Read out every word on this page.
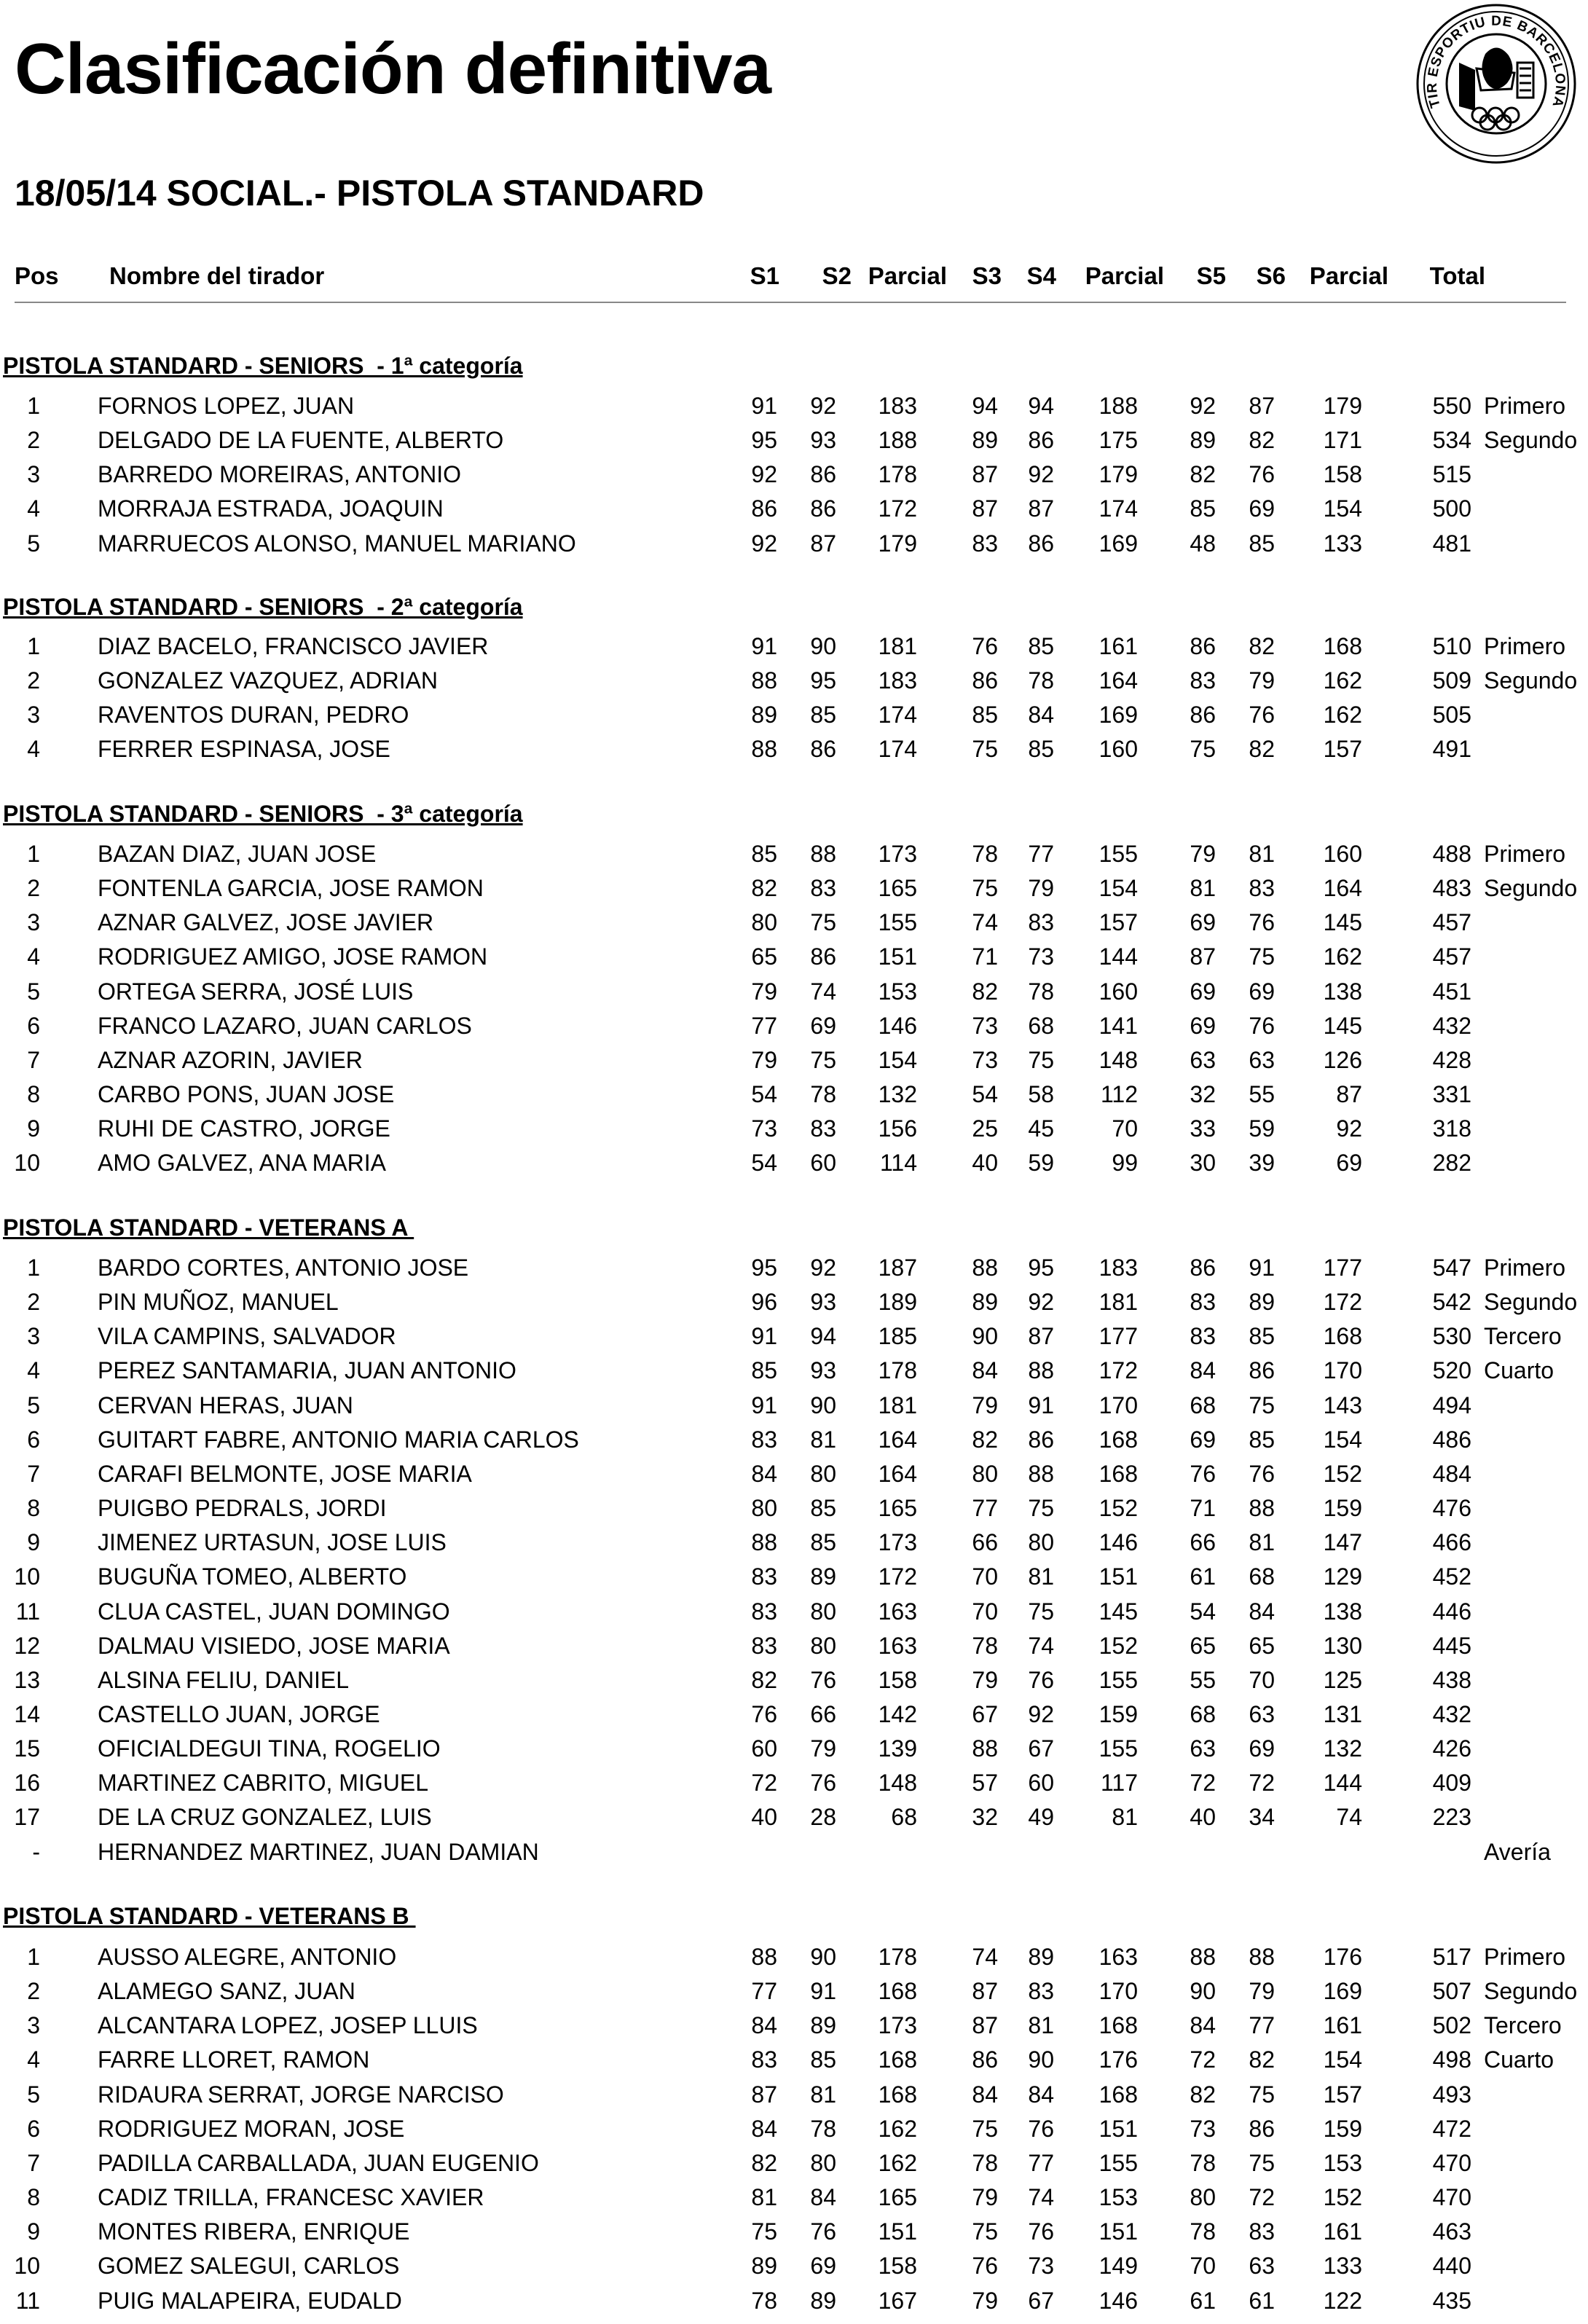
Clasificación definitiva
18/05/14 SOCIAL.- PISTOLA STANDARD
TIR ESPORTIU DE BARCELONA
Pos Nombre del tirador	S1 S2 Parcial S3 S4 Parcial S5 S6 Parcial Total
PISTOLA STANDARD - SENIORS  - 1ª categoría
PISTOLA STANDARD - SENIORS  - 2ª categoría
PISTOLA STANDARD - SENIORS  - 3ª categoría
PISTOLA STANDARD - VETERANS A
PISTOLA STANDARD - VETERANS B
1 FORNOS LOPEZ, JUAN	91 92 183 94 94 188 92 87 179	550 Primero
2 DELGADO DE LA FUENTE, ALBERTO	95 93 188 89 86 175 89 82 171	534 Segundo
3 BARREDO MOREIRAS, ANTONIO	92 86 178 87 92 179 82 76 158	515
4 MORRAJA ESTRADA, JOAQUIN	86 86 172 87 87 174 85 69 154	500
5 MARRUECOS ALONSO, MANUEL MARIANO	92 87 179 83 86 169 48 85 133	481
1 DIAZ BACELO, FRANCISCO JAVIER	91 90 181 76 85 161 86 82 168	510 Primero
2 GONZALEZ VAZQUEZ, ADRIAN	88 95 183 86 78 164 83 79 162	509 Segundo
3 RAVENTOS DURAN, PEDRO	89 85 174 85 84 169 86 76 162	505
4 FERRER ESPINASA, JOSE	88 86 174 75 85 160 75 82 157	491
1 BAZAN DIAZ, JUAN JOSE	85 88 173 78 77 155 79 81 160	488 Primero
2 FONTENLA GARCIA, JOSE RAMON	82 83 165 75 79 154 81 83 164	483 Segundo
3 AZNAR GALVEZ, JOSE JAVIER	80 75 155 74 83 157 69 76 145	457
4 RODRIGUEZ AMIGO, JOSE RAMON	65 86 151 71 73 144 87 75 162	457
5 ORTEGA SERRA, JOSÉ LUIS	79 74 153 82 78 160 69 69 138	451
6 FRANCO LAZARO, JUAN CARLOS	77 69 146 73 68 141 69 76 145	432
7 AZNAR AZORIN, JAVIER	79 75 154 73 75 148 63 63 126	428
8 CARBO PONS, JUAN JOSE	54 78 132 54 58 112 32 55	87	331
9 RUHI DE CASTRO, JORGE	73 83 156 25 45 70 33 59	92	318
10 AMO GALVEZ, ANA MARIA	54 60 114 40 59 99 30 39	69	282
1 BARDO CORTES, ANTONIO JOSE	95 92 187 88 95 183 86 91 177	547 Primero
2 PIN MUÑOZ, MANUEL	96 93 189 89 92 181 83 89 172	542 Segundo
3 VILA CAMPINS, SALVADOR	91 94 185 90 87 177 83 85 168	530 Tercero
4 PEREZ SANTAMARIA, JUAN ANTONIO	85 93 178 84 88 172 84 86 170	520 Cuarto
5 CERVAN HERAS, JUAN	91 90 181 79 91 170 68 75 143	494
6 GUITART FABRE, ANTONIO MARIA CARLOS	83 81 164 82 86 168 69 85 154	486
7 CARAFI BELMONTE, JOSE MARIA	84 80 164 80 88 168 76 76 152	484
8 PUIGBO PEDRALS, JORDI	80 85 165 77 75 152 71 88 159	476
9 JIMENEZ URTASUN, JOSE LUIS	88 85 173 66 80 146 66 81 147	466
10 BUGUÑA TOMEO, ALBERTO	83 89 172 70 81 151 61 68 129	452
11 CLUA CASTEL, JUAN DOMINGO	83 80 163 70 75 145 54 84 138	446
12 DALMAU VISIEDO, JOSE MARIA	83 80 163 78 74 152 65 65 130	445
13 ALSINA FELIU, DANIEL	82 76 158 79 76 155 55 70 125	438
14 CASTELLO JUAN, JORGE	76 66 142 67 92 159 68 63 131	432
15 OFICIALDEGUI TINA, ROGELIO	60 79 139 88 67 155 63 69 132	426
16 MARTINEZ CABRITO, MIGUEL	72 76 148 57 60 117 72 72 144	409
17 DE LA CRUZ GONZALEZ, LUIS	40 28 68 32 49 81 40 34	74	223
- HERNANDEZ MARTINEZ, JUAN DAMIAN	Avería
1 AUSSO ALEGRE, ANTONIO	88 90 178 74 89 163 88 88 176	517 Primero
2 ALAMEGO SANZ, JUAN	77 91 168 87 83 170 90 79 169	507 Segundo
3 ALCANTARA LOPEZ, JOSEP LLUIS	84 89 173 87 81 168 84 77 161	502 Tercero
4 FARRE LLORET, RAMON	83 85 168 86 90 176 72 82 154	498 Cuarto
5 RIDAURA SERRAT, JORGE NARCISO	87 81 168 84 84 168 82 75 157	493
6 RODRIGUEZ MORAN, JOSE	84 78 162 75 76 151 73 86 159	472
7 PADILLA CARBALLADA, JUAN EUGENIO	82 80 162 78 77 155 78 75 153	470
8 CADIZ TRILLA, FRANCESC XAVIER	81 84 165 79 74 153 80 72 152	470
9 MONTES RIBERA, ENRIQUE	75 76 151 75 76 151 78 83 161	463
10 GOMEZ SALEGUI, CARLOS	89 69 158 76 73 149 70 63 133	440
11 PUIG MALAPEIRA, EUDALD	78 89 167 79 67 146 61 61 122	435
